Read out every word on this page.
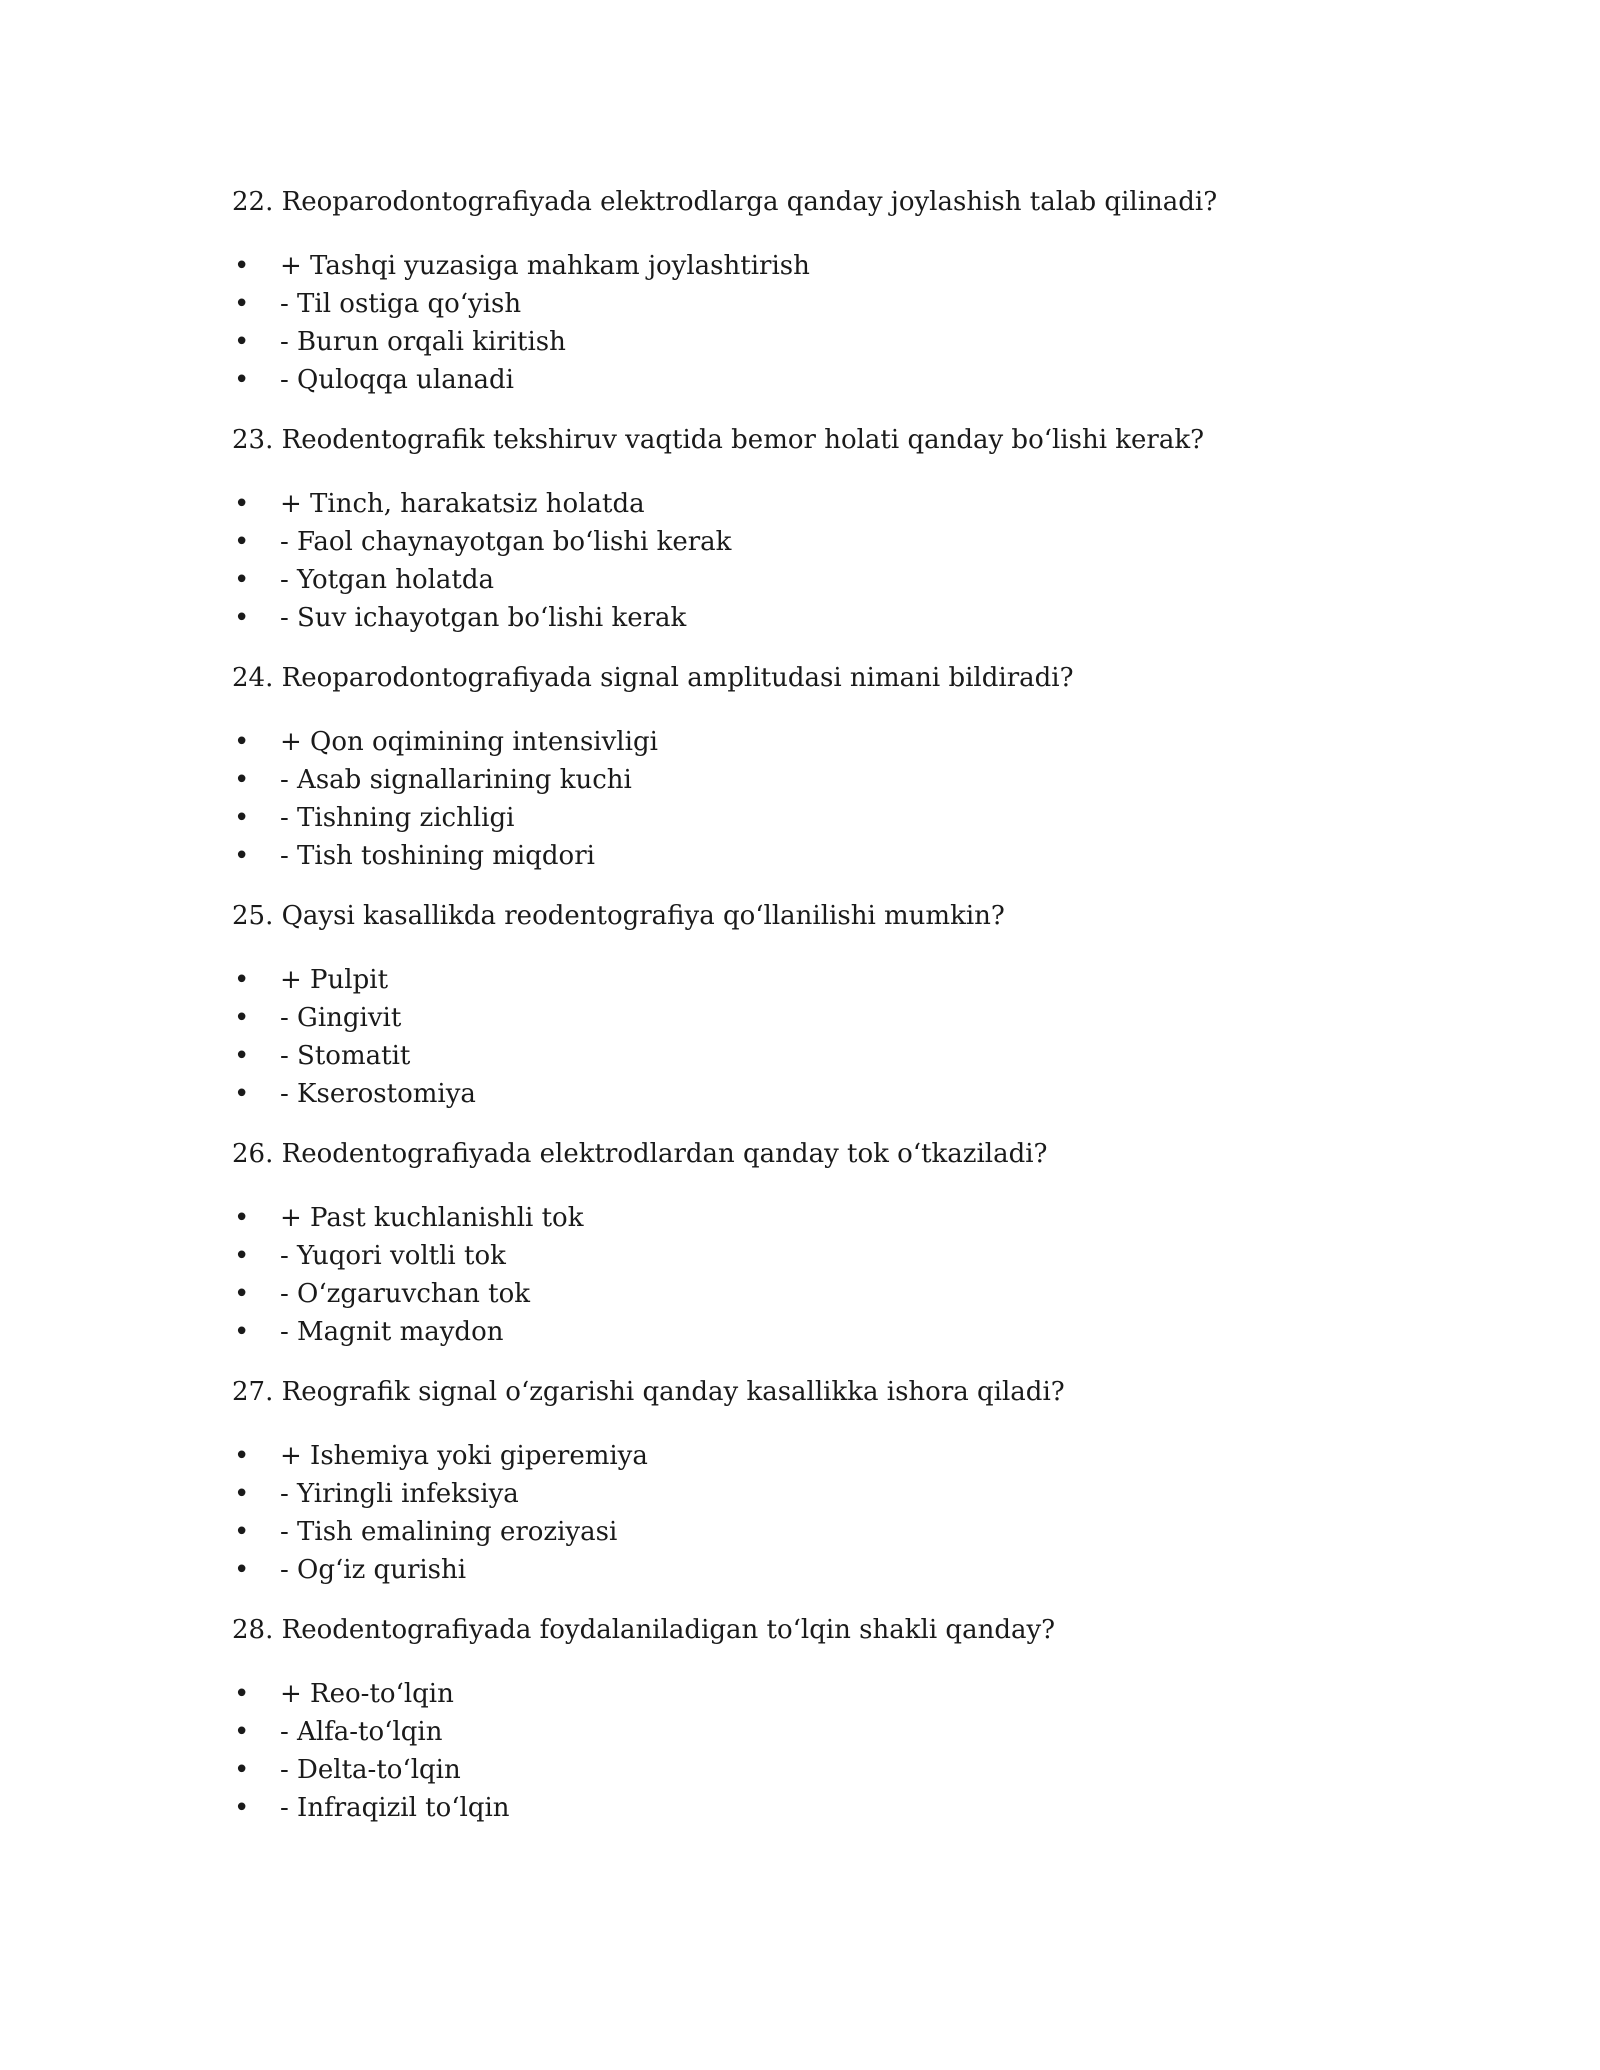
22. Reoparodontografiyada elektrodlarga qanday joylashish talab qilinadi?

• + Tashqi yuzasiga mahkam joylashtirish
• - Til ostiga qo‘yish
• - Burun orqali kiritish
• - Quloqqa ulanadi

23. Reodentografik tekshiruv vaqtida bemor holati qanday bo‘lishi kerak?

• + Tinch, harakatsiz holatda
• - Faol chaynayotgan bo‘lishi kerak
• - Yotgan holatda
• - Suv ichayotgan bo‘lishi kerak

24. Reoparodontografiyada signal amplitudasi nimani bildiradi?

• + Qon oqimining intensivligi
• - Asab signallarining kuchi
• - Tishning zichligi
• - Tish toshining miqdori

25. Qaysi kasallikda reodentografiya qo‘llanilishi mumkin?

• + Pulpit
• - Gingivit
• - Stomatit
• - Kserostomiya

26. Reodentografiyada elektrodlardan qanday tok o‘tkaziladi?

• + Past kuchlanishli tok
• - Yuqori voltli tok
• - O‘zgaruvchan tok
• - Magnit maydon

27. Reografik signal o‘zgarishi qanday kasallikka ishora qiladi?

• + Ishemiya yoki giperemiya
• - Yiringli infeksiya
• - Tish emalining eroziyasi
• - Og‘iz qurishi

28. Reodentografiyada foydalaniladigan to‘lqin shakli qanday?

• + Reo-to‘lqin
• - Alfa-to‘lqin
• - Delta-to‘lqin
• - Infraqizil to‘lqin
